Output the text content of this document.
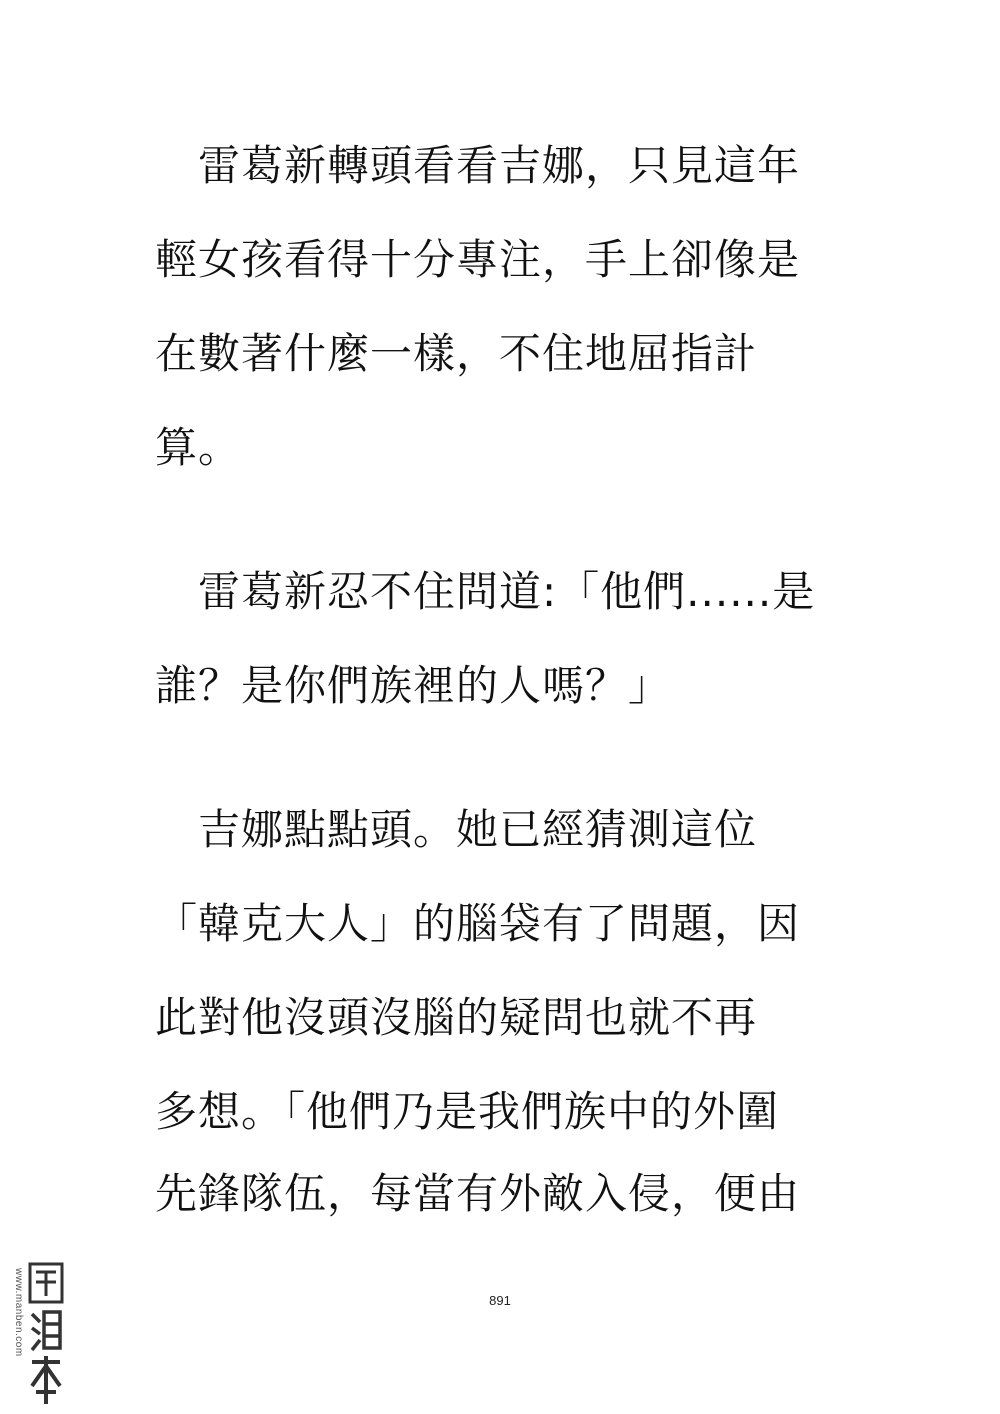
　雷葛新轉頭看看吉娜，只見這年
輕女孩看得十分專注，手上卻像是
在數著什麼一樣，不住地屈指計
算。
　雷葛新忍不住問道:「他們......是
誰？是你們族裡的人嗎？」
　吉娜點點頭。她已經猜測這位
「韓克大人」的腦袋有了問題，因
此對他沒頭沒腦的疑問也就不再
多想。「他們乃是我們族中的外圍
先鋒隊伍，每當有外敵入侵，便由
891
www.manben.com
